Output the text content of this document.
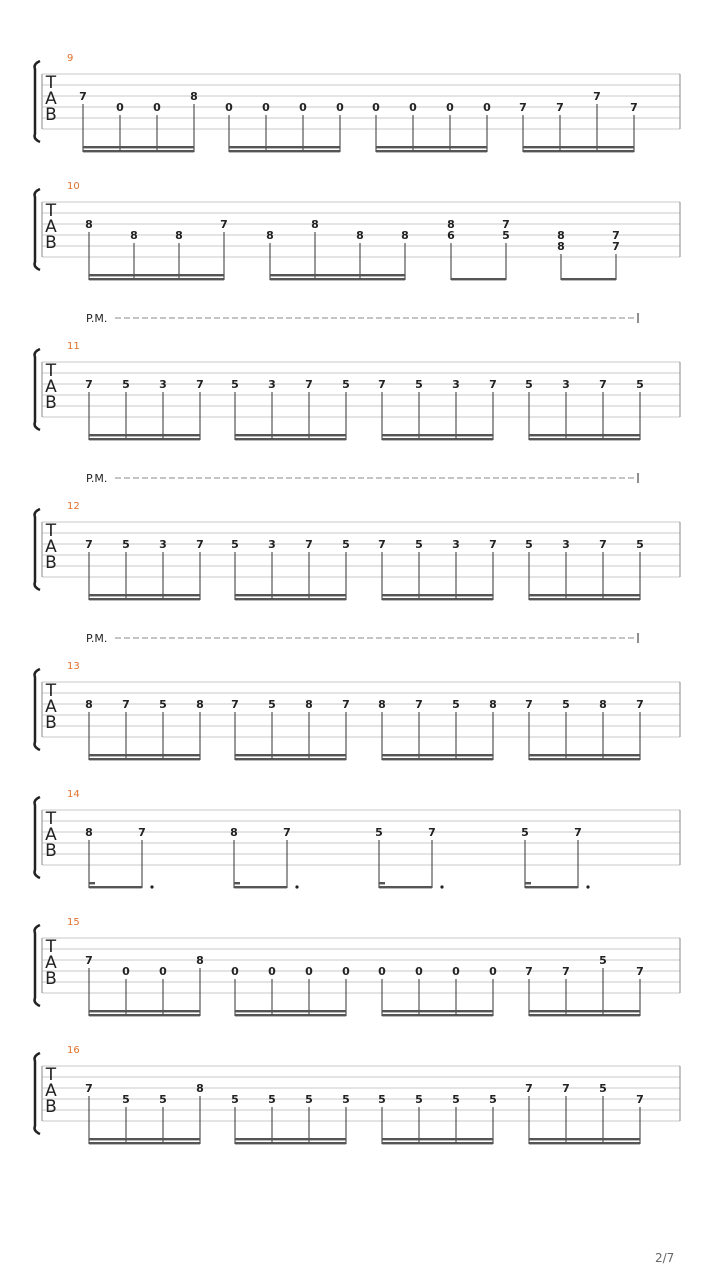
T
A
B
9
7
0	0
8
0	0	0	0	0	0	0	0	7	7
7
7
T
A
B
10
8
8	8
7
8
8
8	8
8
6
7
5	8
8
7
7
T
A
B
11
P.M.
7	5	3	7 5	3	7	5	7	5	3	7	5	3	7	5
T
A
B
12
P.M.
7	5	3	7 5	3	7	5	7	5	3	7	5	3	7	5
T
A
B
13
P.M.
8	7	5	8 7	5	8	7	8	7	5	8	7	5	8	7
T
A
B
14
8	7	8	7	5	7	5	7
T
A
B
15
7
0	0
8
0	0	0	0	0	0	0	0	7	7
5
7
T
A
B
16
7
5	5
8
5	5	5	5	5	5	5	5
7	7	5
7
2/7
